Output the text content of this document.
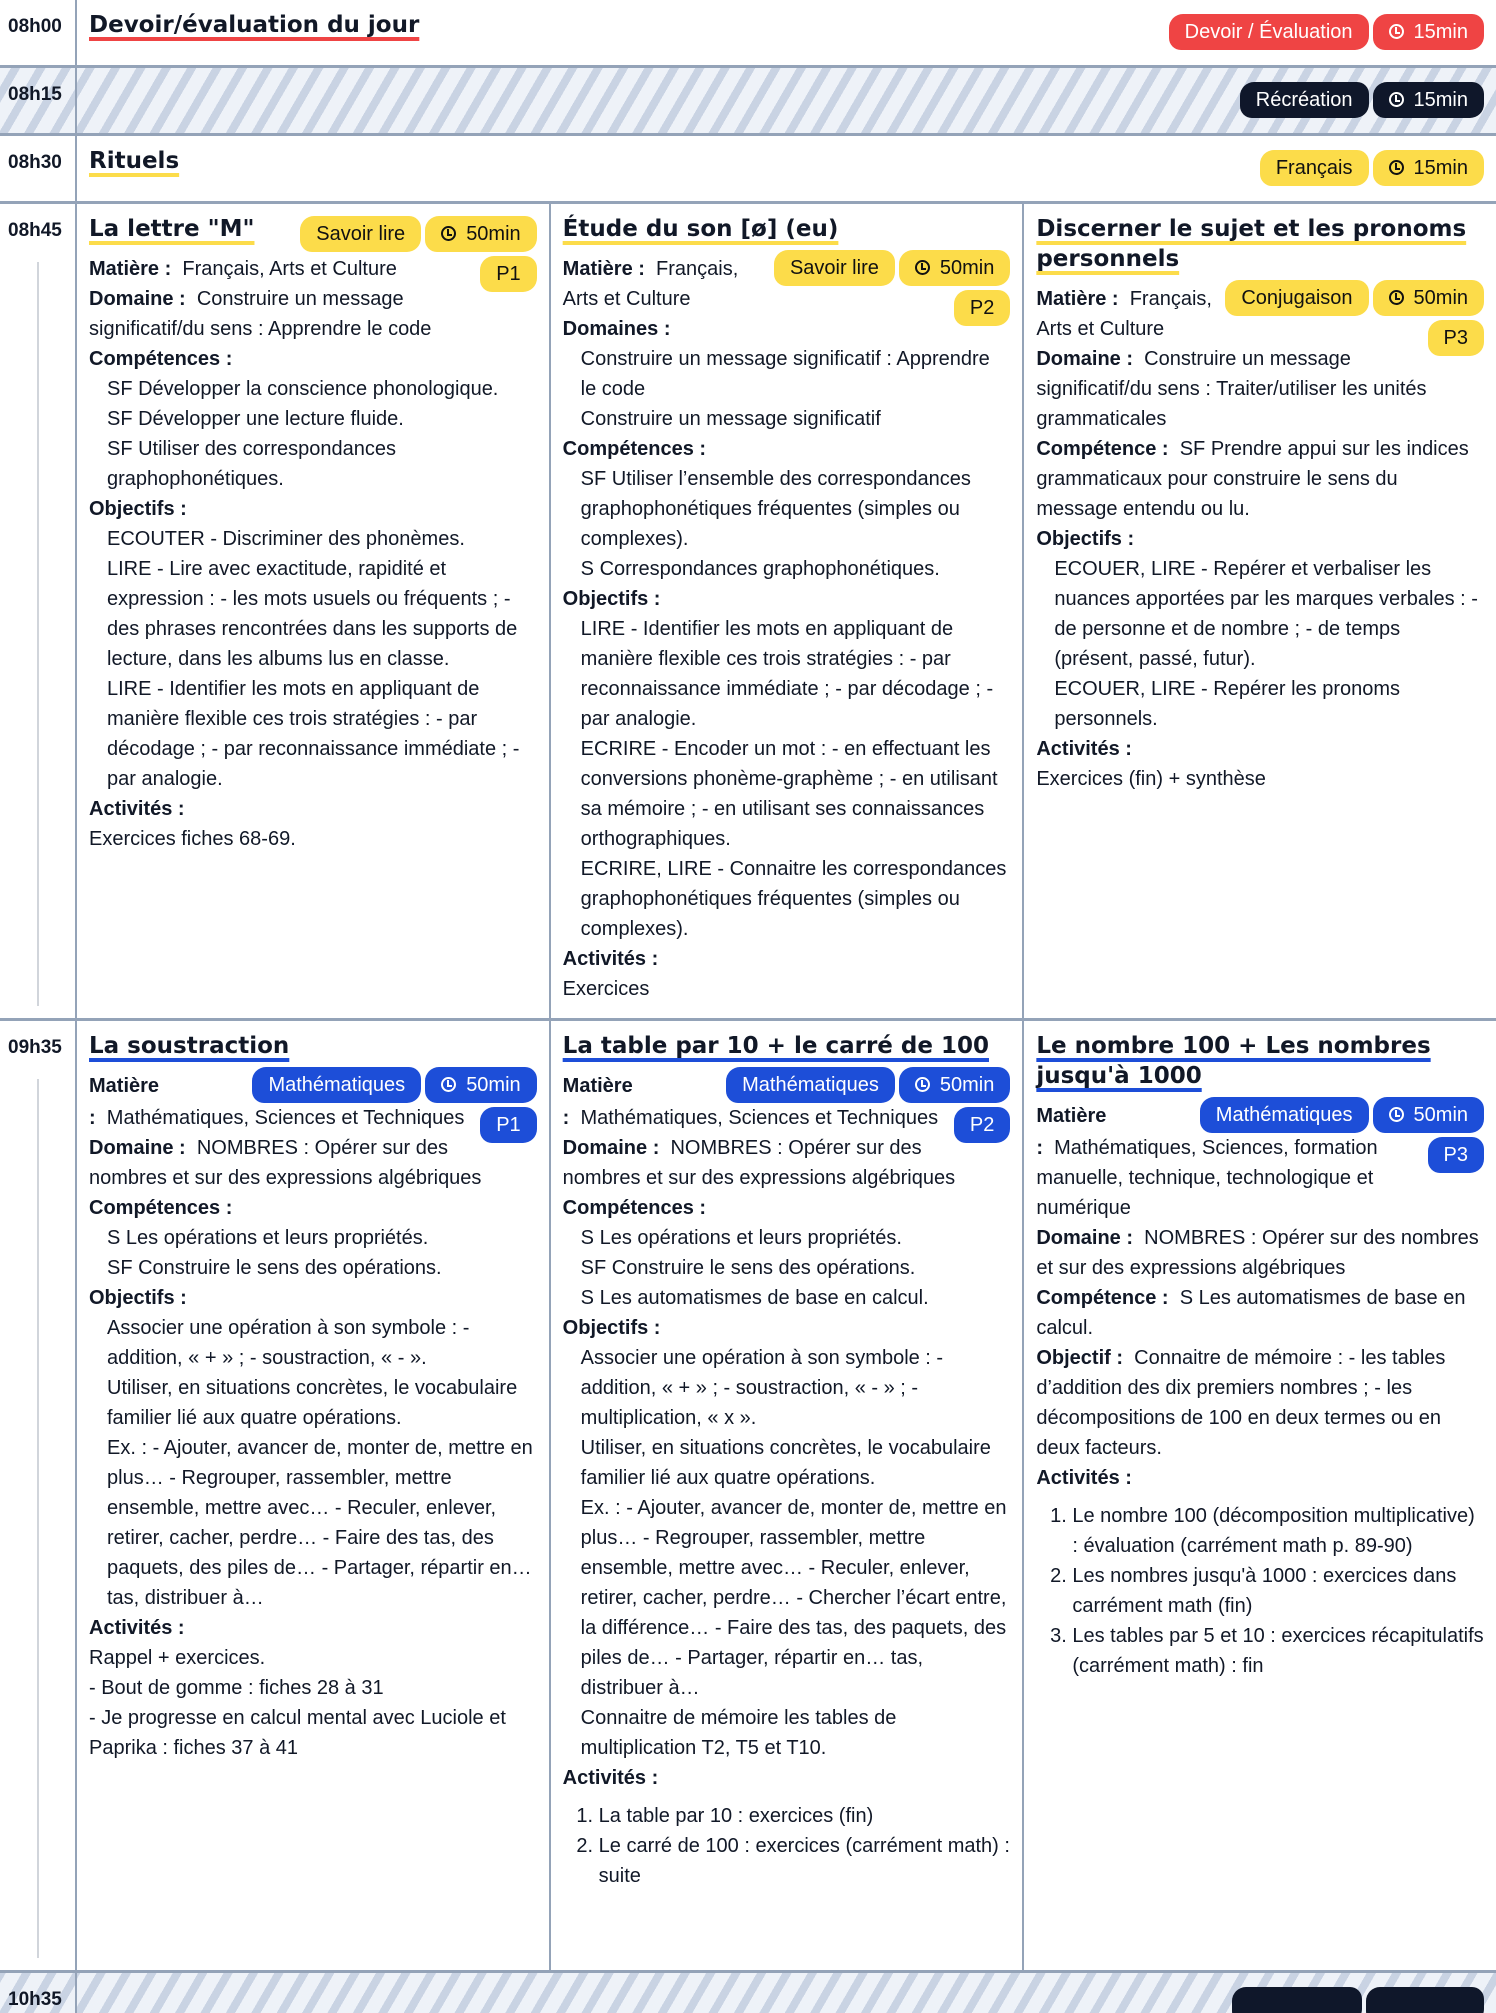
08h00	Devoir/évaluation du jour	Devoir / Évaluation	15min
08h15	Récréation	15min
08h30	Rituels	Français	15min
08h45	Savoir lire	50min
La lettre "M"
P1
Matière : Français, Arts et Culture
Domaine : Construire un message significatif/du sens : Apprendre le code
Compétences :
SF Développer la conscience phonologique.
SF Développer une lecture fluide.
SF Utiliser des correspondances graphophonétiques.
Objectifs :
ECOUTER - Discriminer des phonèmes.
LIRE - Lire avec exactitude, rapidité et expression : - les mots usuels ou fréquents ; - des phrases rencontrées dans les supports de lecture, dans les albums lus en classe.
LIRE - Identifier les mots en appliquant de manière flexible ces trois stratégies : - par décodage ; - par reconnaissance immédiate ; - par analogie.
Activités :
Exercices fiches 68-69.
Étude du son [ø] (eu)
Savoir lire	50min
P2
Matière : Français, Arts et Culture
Domaines :
Construire un message significatif : Apprendre le code
Construire un message significatif
Compétences :
SF Utiliser l’ensemble des correspondances graphophonétiques fréquentes (simples ou complexes).
S Correspondances graphophonétiques.
Objectifs :
LIRE - Identifier les mots en appliquant de manière flexible ces trois stratégies : - par reconnaissance immédiate ; - par décodage ; - par analogie.
ECRIRE - Encoder un mot : - en effectuant les conversions phonème-graphème ; - en utilisant sa mémoire ; - en utilisant ses connaissances orthographiques.
ECRIRE, LIRE - Connaitre les correspondances graphophonétiques fréquentes (simples ou complexes).
Activités :
Exercices
Discerner le sujet et les pronoms personnels
Conjugaison	50min
P3
Matière : Français, Arts et Culture
Domaine : Construire un message significatif/du sens : Traiter/utiliser les unités grammaticales
Compétence : SF Prendre appui sur les indices grammaticaux pour construire le sens du message entendu ou lu.
Objectifs :
ECOUER, LIRE - Repérer et verbaliser les nuances apportées par les marques verbales : - de personne et de nombre ; - de temps (présent, passé, futur).
ECOUER, LIRE - Repérer les pronoms personnels.
Activités :
Exercices (fin) + synthèse
09h35	La soustraction
Mathématiques	50min
P1
Matière : Mathématiques, Sciences et Techniques
Domaine : NOMBRES : Opérer sur des nombres et sur des expressions algébriques
Compétences :
S Les opérations et leurs propriétés.
SF Construire le sens des opérations.
Objectifs :
Associer une opération à son symbole : - addition, « + » ; - soustraction, « - ».
Utiliser, en situations concrètes, le vocabulaire familier lié aux quatre opérations.
Ex. : - Ajouter, avancer de, monter de, mettre en plus… - Regrouper, rassembler, mettre ensemble, mettre avec… - Reculer, enlever, retirer, cacher, perdre… - Faire des tas, des paquets, des piles de… - Partager, répartir en… tas, distribuer à…
Activités :
Rappel + exercices.
- Bout de gomme : fiches 28 à 31
- Je progresse en calcul mental avec Luciole et Paprika : fiches 37 à 41
La table par 10 + le carré de 100
Mathématiques	50min
P2
Matière : Mathématiques, Sciences et Techniques
Domaine : NOMBRES : Opérer sur des nombres et sur des expressions algébriques
Compétences :
S Les opérations et leurs propriétés.
SF Construire le sens des opérations.
S Les automatismes de base en calcul.
Objectifs :
Associer une opération à son symbole : - addition, « + » ; - soustraction, « - » ; - multiplication, « x ».
Utiliser, en situations concrètes, le vocabulaire familier lié aux quatre opérations.
Ex. : - Ajouter, avancer de, monter de, mettre en plus… - Regrouper, rassembler, mettre ensemble, mettre avec… - Reculer, enlever, retirer, cacher, perdre… - Chercher l’écart entre, la différence… - Faire des tas, des paquets, des piles de… - Partager, répartir en… tas, distribuer à…
Connaitre de mémoire les tables de multiplication T2, T5 et T10.
Activités :
1. La table par 10 : exercices (fin)
2. Le carré de 100 : exercices (carrément math) : suite
Le nombre 100 + Les nombres jusqu'à 1000
Mathématiques	50min
P3
Matière : Mathématiques, Sciences, formation manuelle, technique, technologique et numérique
Domaine : NOMBRES : Opérer sur des nombres et sur des expressions algébriques
Compétence : S Les automatismes de base en calcul.
Objectif : Connaitre de mémoire : - les tables d’addition des dix premiers nombres ; - les décompositions de 100 en deux termes ou en deux facteurs.
Activités :
1. Le nombre 100 (décomposition multiplicative) : évaluation (carrément math p. 89-90)
2. Les nombres jusqu'à 1000 : exercices dans carrément math (fin)
3. Les tables par 5 et 10 : exercices récapitulatifs (carrément math) : fin
10h35
